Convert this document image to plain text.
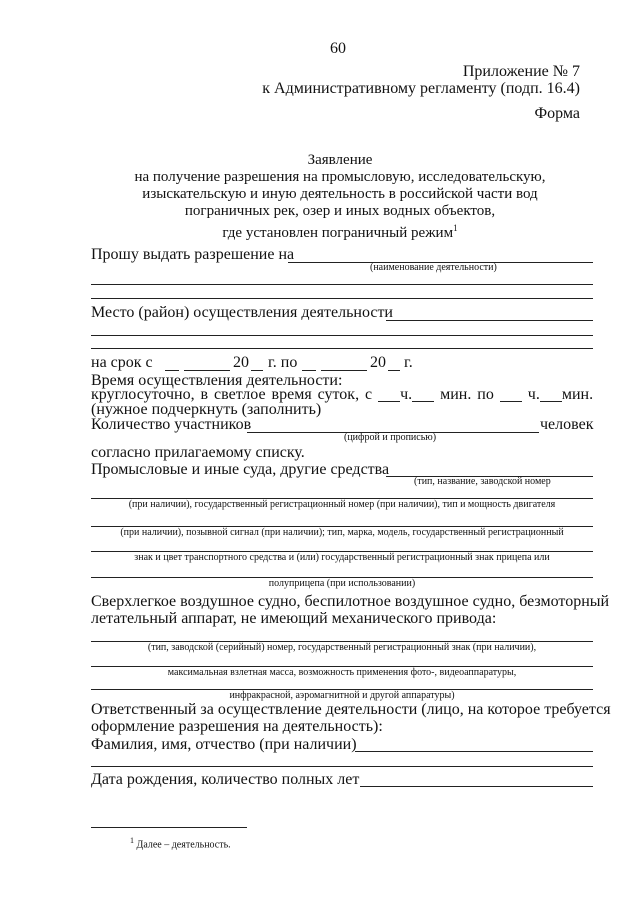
60
Приложение № 7
к Административному регламенту (подп. 16.4)
Форма
Заявление
на получение разрешения на промысловую, исследовательскую,
изыскательскую и иную деятельность в российской части вод
пограничных рек, озер и иных водных объектов,
где установлен пограничный режим$^1$
Прошу выдать разрешение на
(наименование деятельности)
Место (район) осуществления деятельности
на срок с	20 г. по	20 г.
Время осуществления деятельности:
круглосуточно, в светлое время суток, с ч. мин. по ч. мин.
(нужное подчеркнуть (заполнить)
Количество участников	человек
(цифрой и прописью)
согласно прилагаемому списку.
Промысловые и иные суда, другие средства
(тип, название, заводской номер
(при наличии), государственный регистрационный номер (при наличии), тип и мощность двигателя
(при наличии), позывной сигнал (при наличии); тип, марка, модель, государственный регистрационный
знак и цвет транспортного средства и (или) государственный регистрационный знак прицепа или
полуприцепа (при использовании)
Сверхлегкое воздушное судно, беспилотное воздушное судно, безмоторный
летательный аппарат, не имеющий механического привода:
(тип, заводской (серийный) номер, государственный регистрационный знак (при наличии),
максимальная взлетная масса, возможность применения фото-, видеоаппаратуры,
инфракрасной, аэромагнитной и другой аппаратуры)
Ответственный за осуществление деятельности (лицо, на которое требуется
оформление разрешения на деятельность):
Фамилия, имя, отчество (при наличии)
Дата рождения, количество полных лет
$^1$ Далее – деятельность.
